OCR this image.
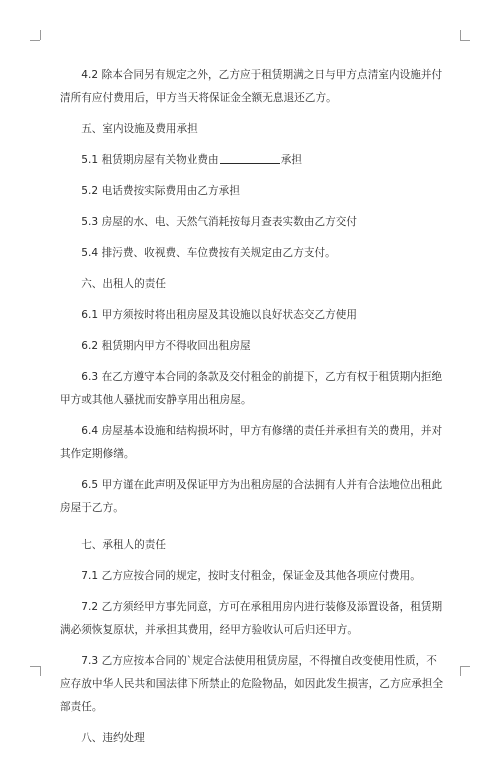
4.2 除本合同另有规定之外，乙方应于租赁期满之日与甲方点清室内设施并付清所有应付费用后，甲方当天将保证金全额无息退还乙方。

五、室内设施及费用承担

5.1 租赁期房屋有关物业费由	承担

5.2 电话费按实际费用由乙方承担

5.3 房屋的水、电、天然气消耗按每月查表实数由乙方交付

5.4 排污费、收视费、车位费按有关规定由乙方支付。

六、出租人的责任

6.1 甲方须按时将出租房屋及其设施以良好状态交乙方使用

6.2 租赁期内甲方不得收回出租房屋

6.3 在乙方遵守本合同的条款及交付租金的前提下，乙方有权于租赁期内拒绝甲方或其他人骚扰而安静享用出租房屋。

6.4 房屋基本设施和结构损坏时，甲方有修缮的责任并承担有关的费用，并对其作定期修缮。

6.5 甲方谨在此声明及保证甲方为出租房屋的合法拥有人并有合法地位出租此房屋于乙方。

七、承租人的责任

7.1 乙方应按合同的规定，按时支付租金，保证金及其他各项应付费用。

7.2 乙方须经甲方事先同意，方可在承租用房内进行装修及添置设备，租赁期满必须恢复原状，并承担其费用，经甲方验收认可后归还甲方。

7.3 乙方应按本合同的`规定合法使用租赁房屋，不得擅自改变使用性质，不应存放中华人民共和国法律下所禁止的危险物品，如因此发生损害，乙方应承担全部责任。

八、违约处理
